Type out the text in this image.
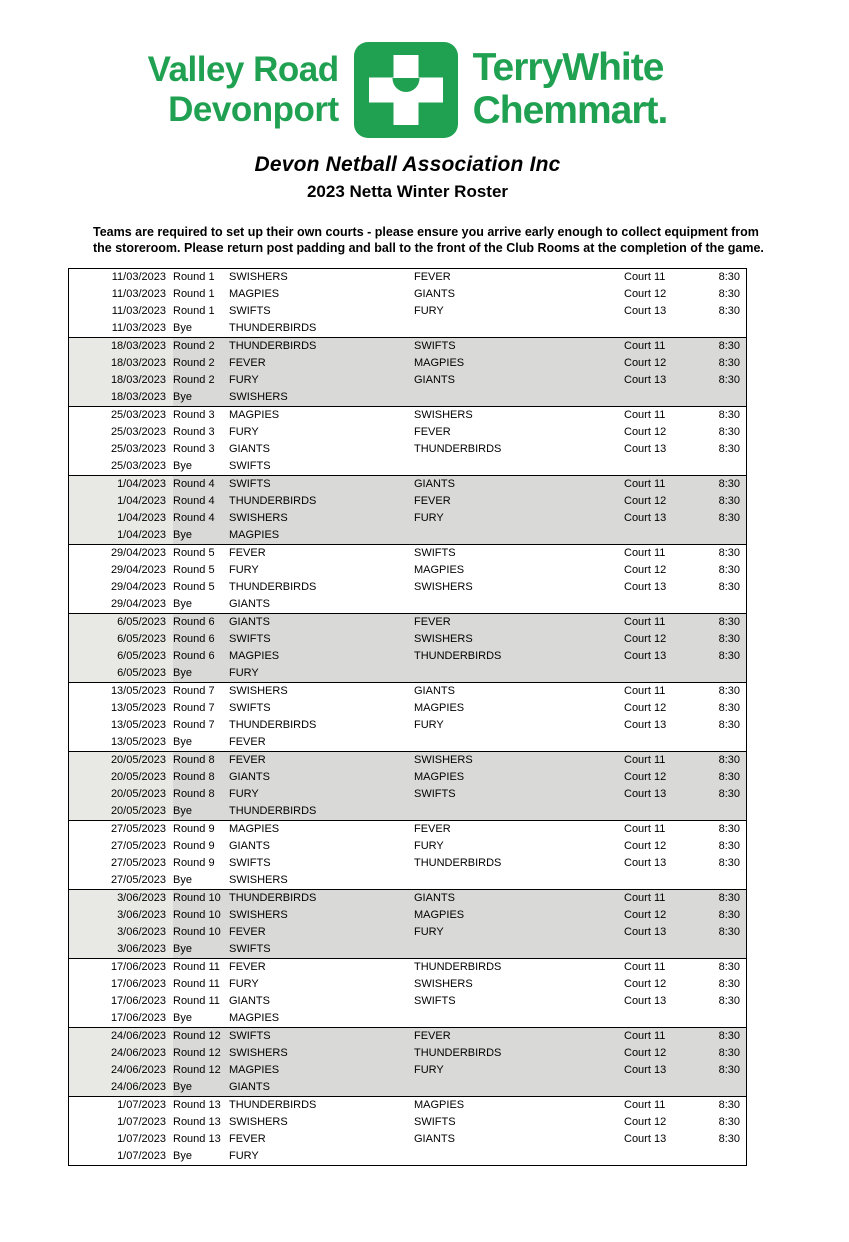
Valley Road
Devonport
TerryWhite
Chemmart.
Devon Netball Association Inc
2023 Netta Winter Roster
Teams are required to set up their own courts - please ensure you arrive early enough to collect equipment from
the storeroom. Please return post padding and ball to the front of the Club Rooms at the completion of the game.
11/03/2023 Round 1	SWISHERS	FEVER	Court 11	8:30
11/03/2023 Round 1	MAGPIES	GIANTS	Court 12	8:30
11/03/2023 Round 1	SWIFTS	FURY	Court 13	8:30
11/03/2023 Bye	THUNDERBIRDS
18/03/2023 Round 2	THUNDERBIRDS	SWIFTS	Court 11	8:30
18/03/2023 Round 2	FEVER	MAGPIES	Court 12	8:30
18/03/2023 Round 2	FURY	GIANTS	Court 13	8:30
18/03/2023 Bye	SWISHERS
25/03/2023 Round 3	MAGPIES	SWISHERS	Court 11	8:30
25/03/2023 Round 3	FURY	FEVER	Court 12	8:30
25/03/2023 Round 3	GIANTS	THUNDERBIRDS	Court 13	8:30
25/03/2023 Bye	SWIFTS
1/04/2023 Round 4	SWIFTS	GIANTS	Court 11	8:30
1/04/2023 Round 4	THUNDERBIRDS	FEVER	Court 12	8:30
1/04/2023 Round 4	SWISHERS	FURY	Court 13	8:30
1/04/2023 Bye	MAGPIES
29/04/2023 Round 5	FEVER	SWIFTS	Court 11	8:30
29/04/2023 Round 5	FURY	MAGPIES	Court 12	8:30
29/04/2023 Round 5	THUNDERBIRDS	SWISHERS	Court 13	8:30
29/04/2023 Bye	GIANTS
6/05/2023 Round 6	GIANTS	FEVER	Court 11	8:30
6/05/2023 Round 6	SWIFTS	SWISHERS	Court 12	8:30
6/05/2023 Round 6	MAGPIES	THUNDERBIRDS	Court 13	8:30
6/05/2023 Bye	FURY
13/05/2023 Round 7	SWISHERS	GIANTS	Court 11	8:30
13/05/2023 Round 7	SWIFTS	MAGPIES	Court 12	8:30
13/05/2023 Round 7	THUNDERBIRDS	FURY	Court 13	8:30
13/05/2023 Bye	FEVER
20/05/2023 Round 8	FEVER	SWISHERS	Court 11	8:30
20/05/2023 Round 8	GIANTS	MAGPIES	Court 12	8:30
20/05/2023 Round 8	FURY	SWIFTS	Court 13	8:30
20/05/2023 Bye	THUNDERBIRDS
27/05/2023 Round 9	MAGPIES	FEVER	Court 11	8:30
27/05/2023 Round 9	GIANTS	FURY	Court 12	8:30
27/05/2023 Round 9	SWIFTS	THUNDERBIRDS	Court 13	8:30
27/05/2023 Bye	SWISHERS
3/06/2023 Round 10 THUNDERBIRDS	GIANTS	Court 11	8:30
3/06/2023 Round 10 SWISHERS	MAGPIES	Court 12	8:30
3/06/2023 Round 10 FEVER	FURY	Court 13	8:30
3/06/2023 Bye	SWIFTS
17/06/2023 Round 11 FEVER	THUNDERBIRDS	Court 11	8:30
17/06/2023 Round 11 FURY	SWISHERS	Court 12	8:30
17/06/2023 Round 11 GIANTS	SWIFTS	Court 13	8:30
17/06/2023 Bye	MAGPIES
24/06/2023 Round 12 SWIFTS	FEVER	Court 11	8:30
24/06/2023 Round 12 SWISHERS	THUNDERBIRDS	Court 12	8:30
24/06/2023 Round 12 MAGPIES	FURY	Court 13	8:30
24/06/2023 Bye	GIANTS
1/07/2023 Round 13 THUNDERBIRDS	MAGPIES	Court 11	8:30
1/07/2023 Round 13 SWISHERS	SWIFTS	Court 12	8:30
1/07/2023 Round 13 FEVER	GIANTS	Court 13	8:30
1/07/2023 Bye	FURY
